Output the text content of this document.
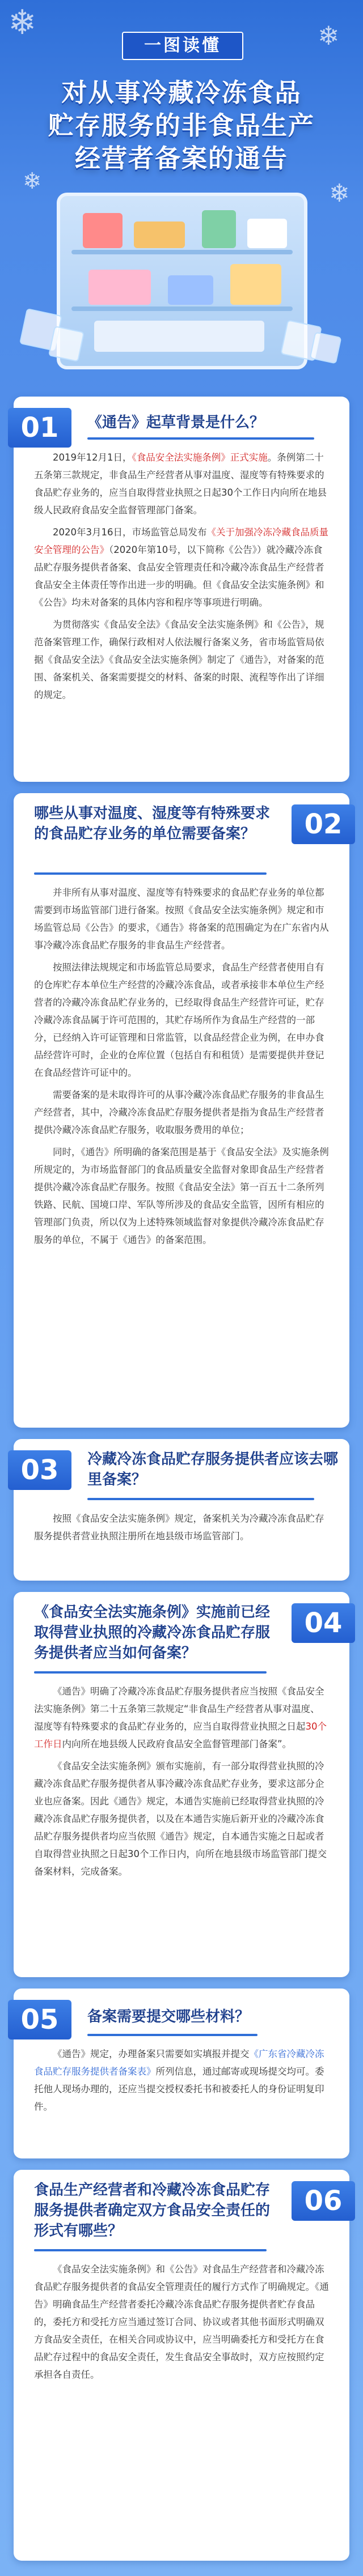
❄	❄
❄	❄
一图读懂
对从事冷藏冷冻食品
贮存服务的非食品生产
经营者备案的通告
01	《通告》起草背景是什么？

2019年12月1日，《食品安全法实施条例》正式实施。条例第二十五条第三款规定，非食品生产经营者从事对温度、湿度等有特殊要求的食品贮存业务的，应当自取得营业执照之日起30个工作日内向所在地县级人民政府食品安全监督管理部门备案。

2020年3月16日，市场监管总局发布《关于加强冷冻冷藏食品质量安全管理的公告》（2020年第10号，以下简称《公告》）就冷藏冷冻食品贮存服务提供者备案、食品安全管理责任和冷藏冷冻食品生产经营者食品安全主体责任等作出进一步的明确。但《食品安全法实施条例》和《公告》均未对备案的具体内容和程序等事项进行明确。

为贯彻落实《食品安全法》《食品安全法实施条例》和《公告》，规范备案管理工作，确保行政相对人依法履行备案义务，省市场监管局依据《食品安全法》《食品安全法实施条例》制定了《通告》，对备案的范围、备案机关、备案需要提交的材料、备案的时限、流程等作出了详细的规定。

哪些从事对温度、湿度等有特殊要求的食品贮存业务的单位需要备案？	02

并非所有从事对温度、湿度等有特殊要求的食品贮存业务的单位都需要到市场监管部门进行备案。按照《食品安全法实施条例》规定和市场监管总局《公告》的要求，《通告》将备案的范围确定为在广东省内从事冷藏冷冻食品贮存服务的非食品生产经营者。

按照法律法规规定和市场监管总局要求，食品生产经营者使用自有的仓库贮存本单位生产经营的冷藏冷冻食品，或者承接非本单位生产经营者的冷藏冷冻食品贮存业务的，已经取得食品生产经营许可证，贮存冷藏冷冻食品属于许可范围的，其贮存场所作为食品生产经营的一部分，已经纳入许可证管理和日常监管，以食品经营企业为例，在申办食品经营许可时，企业的仓库位置（包括自有和租赁）是需要提供并登记在食品经营许可证中的。

需要备案的是未取得许可的从事冷藏冷冻食品贮存服务的非食品生产经营者，其中，冷藏冷冻食品贮存服务提供者是指为食品生产经营者提供冷藏冷冻食品贮存服务，收取服务费用的单位；

同时，《通告》所明确的备案范围是基于《食品安全法》及实施条例所规定的，为市场监督部门的食品质量安全监督对象即食品生产经营者提供冷藏冷冻食品贮存服务。按照《食品安全法》第一百五十二条所列铁路、民航、国境口岸、军队等所涉及的食品安全监管，因所有相应的管理部门负责，所以仅为上述特殊领域监督对象提供冷藏冷冻食品贮存服务的单位，不属于《通告》的备案范围。

03	冷藏冷冻食品贮存服务提供者应该去哪里备案？

按照《食品安全法实施条例》规定，备案机关为冷藏冷冻食品贮存服务提供者营业执照注册所在地县级市场监管部门。

《食品安全法实施条例》实施前已经取得营业执照的冷藏冷冻食品贮存服务提供者应当如何备案？
04

《通告》明确了冷藏冷冻食品贮存服务提供者应当按照《食品安全法实施条例》第二十五条第三款规定“非食品生产经营者从事对温度、湿度等有特殊要求的食品贮存业务的，应当自取得营业执照之日起30个工作日内向所在地县级人民政府食品安全监督管理部门备案”。

《食品安全法实施条例》颁布实施前，有一部分取得营业执照的冷藏冷冻食品贮存服务提供者从事冷藏冷冻食品贮存业务，要求这部分企业也应备案。因此《通告》规定，本通告实施前已经取得营业执照的冷藏冷冻食品贮存服务提供者，以及在本通告实施后新开业的冷藏冷冻食品贮存服务提供者均应当依照《通告》规定，自本通告实施之日起或者自取得营业执照之日起30个工作日内，向所在地县级市场监管部门提交备案材料，完成备案。

05	备案需要提交哪些材料？

《通告》规定，办理备案只需要如实填报并提交《广东省冷藏冷冻食品贮存服务提供者备案表》所列信息，通过邮寄或现场提交均可。委托他人现场办理的，还应当提交授权委托书和被委托人的身份证明复印件。

食品生产经营者和冷藏冷冻食品贮存服务提供者确定双方食品安全责任的形式有哪些？
06

《食品安全法实施条例》和《公告》对食品生产经营者和冷藏冷冻食品贮存服务提供者的食品安全管理责任的履行方式作了明确规定。《通告》明确食品生产经营者委托冷藏冷冻食品贮存服务提供者贮存食品的，委托方和受托方应当通过签订合同、协议或者其他书面形式明确双方食品安全责任，在相关合同或协议中，应当明确委托方和受托方在食品贮存过程中的食品安全责任，发生食品安全事故时，双方应按照约定承担各自责任。
